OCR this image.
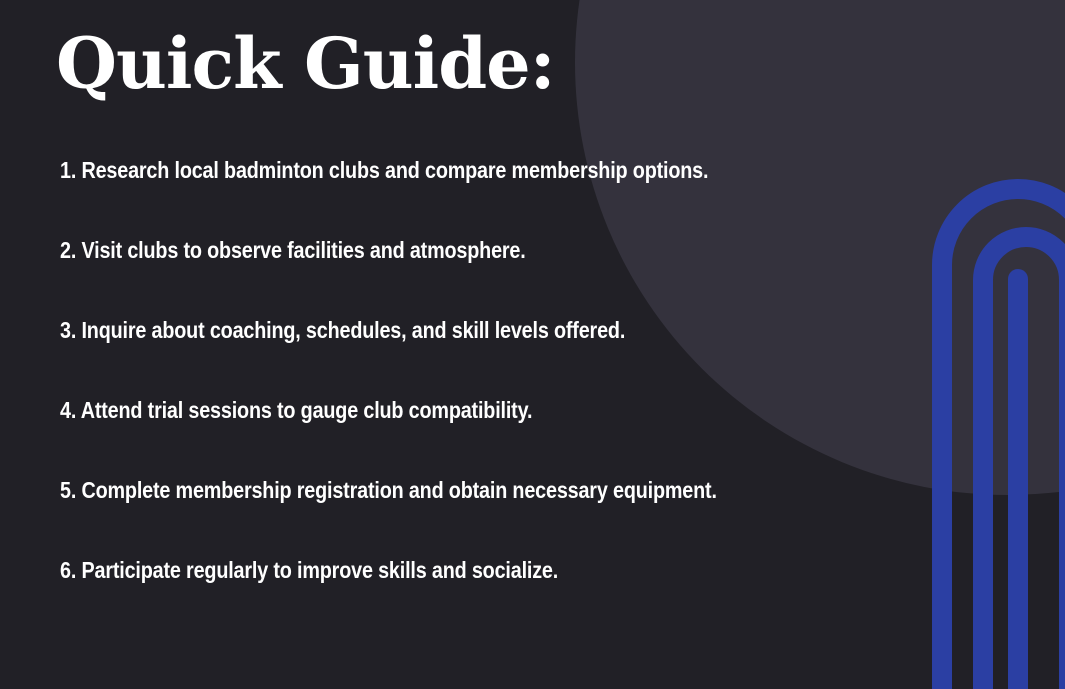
Quick Guide:
1. Research local badminton clubs and compare membership options.
2. Visit clubs to observe facilities and atmosphere.
3. Inquire about coaching, schedules, and skill levels offered.
4. Attend trial sessions to gauge club compatibility.
5. Complete membership registration and obtain necessary equipment.
6. Participate regularly to improve skills and socialize.
